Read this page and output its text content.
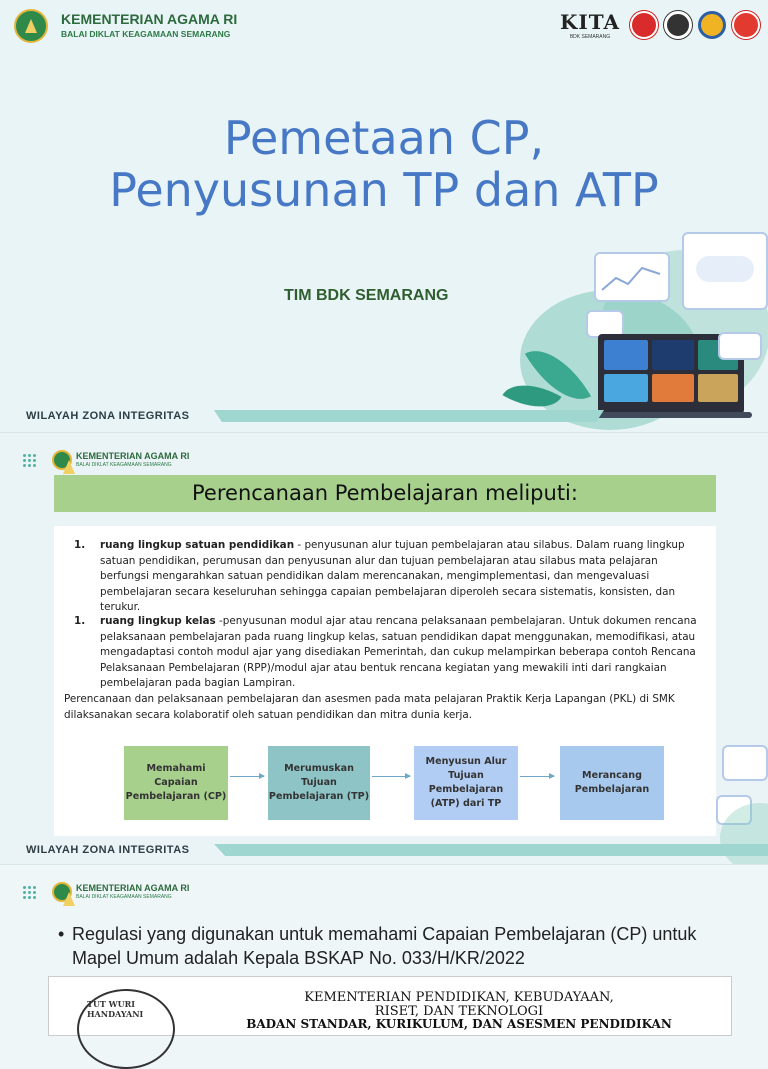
KEMENTERIAN AGAMA RI
BALAI DIKLAT KEAGAMAAN SEMARANG	KITA
BDK SEMARANG
Pemetaan CP,
Penyusunan TP dan ATP
TIM BDK SEMARANG
WILAYAH ZONA INTEGRITAS
KEMENTERIAN AGAMA RI
BALAI DIKLAT KEAGAMAAN SEMARANG
WILAYAH ZONA INTEGRITAS
Perencanaan Pembelajaran meliputi:
1. ruang lingkup satuan pendidikan - penyusunan alur tujuan pembelajaran atau silabus. Dalam ruang lingkup satuan pendidikan, perumusan dan penyusunan alur dan tujuan pembelajaran atau silabus mata pelajaran berfungsi mengarahkan satuan pendidikan dalam merencanakan, mengimplementasi, dan mengevaluasi pembelajaran secara keseluruhan sehingga capaian pembelajaran diperoleh secara sistematis, konsisten, dan terukur.
1. ruang lingkup kelas -penyusunan modul ajar atau rencana pelaksanaan pembelajaran. Untuk dokumen rencana pelaksanaan pembelajaran pada ruang lingkup kelas, satuan pendidikan dapat menggunakan, memodifikasi, atau mengadaptasi contoh modul ajar yang disediakan Pemerintah, dan cukup melampirkan beberapa contoh Rencana Pelaksanaan Pembelajaran (RPP)/modul ajar atau bentuk rencana kegiatan yang mewakili inti dari rangkaian pembelajaran pada bagian Lampiran.
Perencanaan dan pelaksanaan pembelajaran dan asesmen pada mata pelajaran Praktik Kerja Lapangan (PKL) di SMK dilaksanakan secara kolaboratif oleh satuan pendidikan dan mitra dunia kerja.
Memahami
Capaian
Pembelajaran (CP)
Merumuskan
Tujuan
Pembelajaran (TP)
Menyusun Alur
Tujuan
Pembelajaran
(ATP) dari TP
Merancang
Pembelajaran
KEMENTERIAN AGAMA RI
BALAI DIKLAT KEAGAMAAN SEMARANG
• Regulasi yang digunakan untuk memahami Capaian Pembelajaran (CP) untuk Mapel Umum adalah Kepala BSKAP No. 033/H/KR/2022
TUT WURI HANDAYANI
KEMENTERIAN PENDIDIKAN, KEBUDAYAAN,
RISET, DAN TEKNOLOGI
BADAN STANDAR, KURIKULUM, DAN ASESMEN PENDIDIKAN
